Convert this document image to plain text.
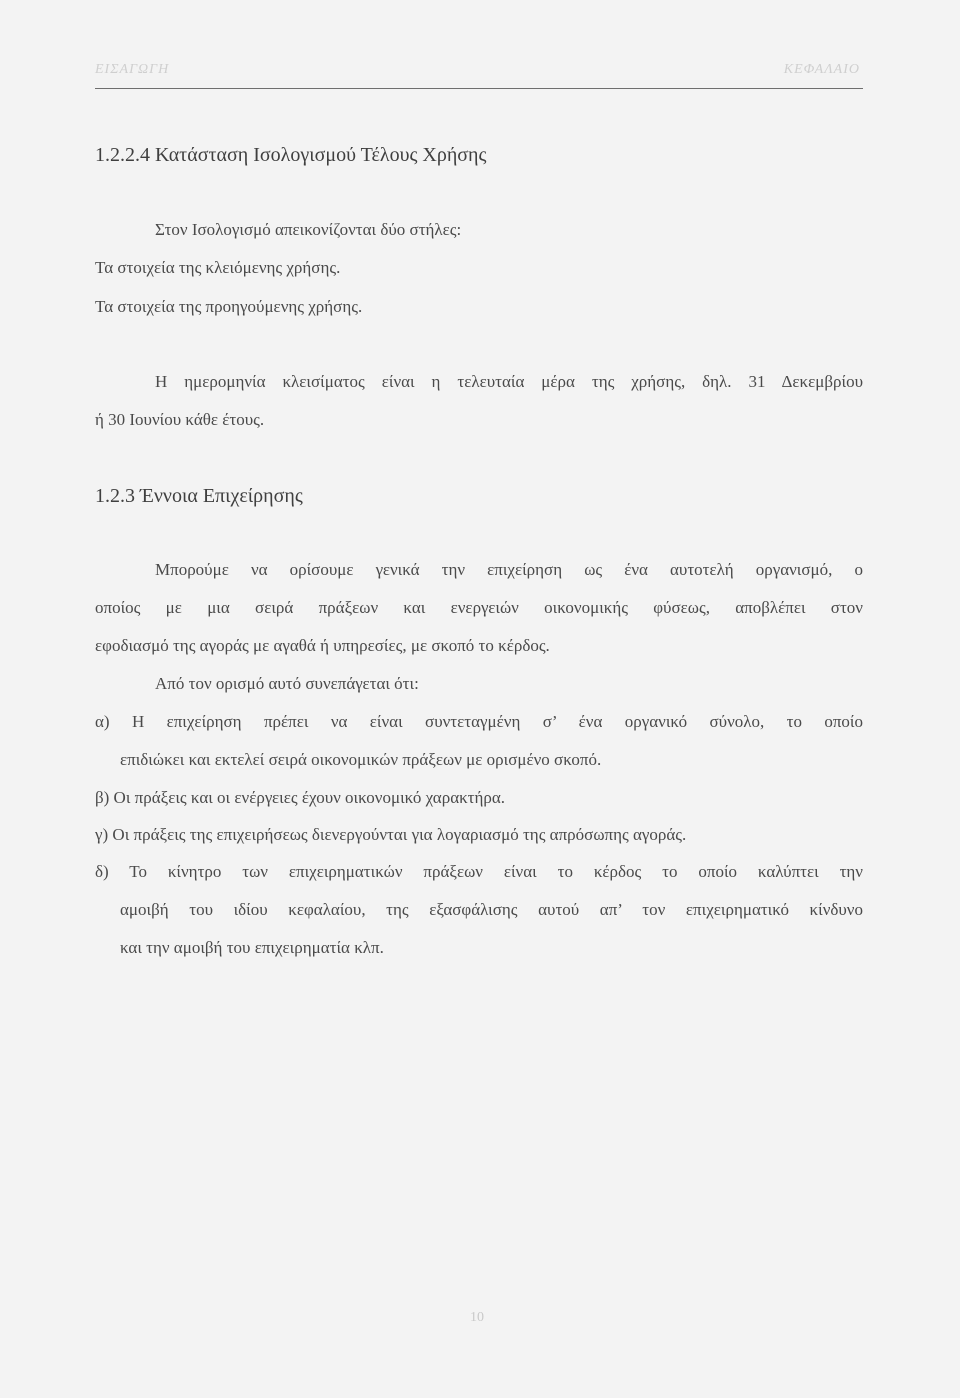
ΕΙΣΑΓΩΓΗ	ΚΕΦΑΛΑΙΟ
1.2.2.4 Κατάσταση Ισολογισμού Τέλους Χρήσης
Στον Ισολογισμό απεικονίζονται δύο στήλες:
Τα στοιχεία της κλειόμενης χρήσης.
Τα στοιχεία της προηγούμενης χρήσης.
Η ημερομηνία κλεισίματος είναι η τελευταία μέρα της χρήσης, δηλ. 31 Δεκεμβρίου
ή 30 Ιουνίου κάθε έτους.
1.2.3 Έννοια Επιχείρησης
Μπορούμε να ορίσουμε γενικά την επιχείρηση ως ένα αυτοτελή οργανισμό, ο
οποίος με μια σειρά πράξεων και ενεργειών οικονομικής φύσεως, αποβλέπει στον
εφοδιασμό της αγοράς με αγαθά ή υπηρεσίες, με σκοπό το κέρδος.
Από τον ορισμό αυτό συνεπάγεται ότι:
α) Η επιχείρηση πρέπει να είναι συντεταγμένη σ’ ένα οργανικό σύνολο, το οποίο
επιδιώκει και εκτελεί σειρά οικονομικών πράξεων με ορισμένο σκοπό.
β) Οι πράξεις και οι ενέργειες έχουν οικονομικό χαρακτήρα.
γ) Οι πράξεις της επιχειρήσεως διενεργούνται για λογαριασμό της απρόσωπης αγοράς.
δ) Το κίνητρο των επιχειρηματικών πράξεων είναι το κέρδος το οποίο καλύπτει την
αμοιβή του ιδίου κεφαλαίου, της εξασφάλισης αυτού απ’ τον επιχειρηματικό κίνδυνο
και την αμοιβή του επιχειρηματία κλπ.
10
